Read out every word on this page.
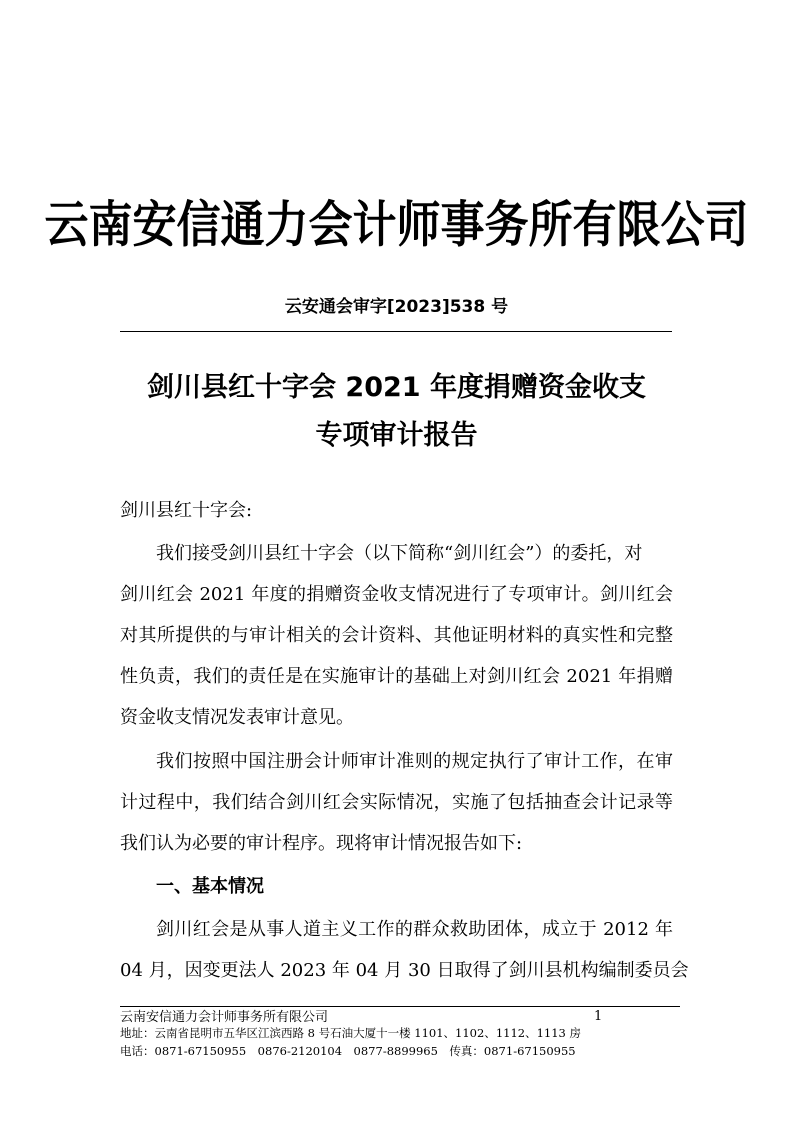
云南安信通力会计师事务所有限公司
云安通会审字[2023]538 号
剑川县红十字会 2021 年度捐赠资金收支
专项审计报告
剑川县红十字会:
我们接受剑川县红十字会（以下简称“剑川红会”）的委托，对
剑川红会 2021 年度的捐赠资金收支情况进行了专项审计。剑川红会
对其所提供的与审计相关的会计资料、其他证明材料的真实性和完整
性负责，我们的责任是在实施审计的基础上对剑川红会 2021 年捐赠
资金收支情况发表审计意见。
我们按照中国注册会计师审计准则的规定执行了审计工作，在审
计过程中，我们结合剑川红会实际情况，实施了包括抽查会计记录等
我们认为必要的审计程序。现将审计情况报告如下:
一、基本情况
剑川红会是从事人道主义工作的群众救助团体，成立于 2012 年
04 月，因变更法人 2023 年 04 月 30 日取得了剑川县机构编制委员会
云南安信通力会计师事务所有限公司	1
地址：云南省昆明市五华区江滨西路 8 号石油大厦十一楼 1101、1102、1112、1113 房
电话：0871-67150955　0876-2120104　0877-8899965　传真：0871-67150955
